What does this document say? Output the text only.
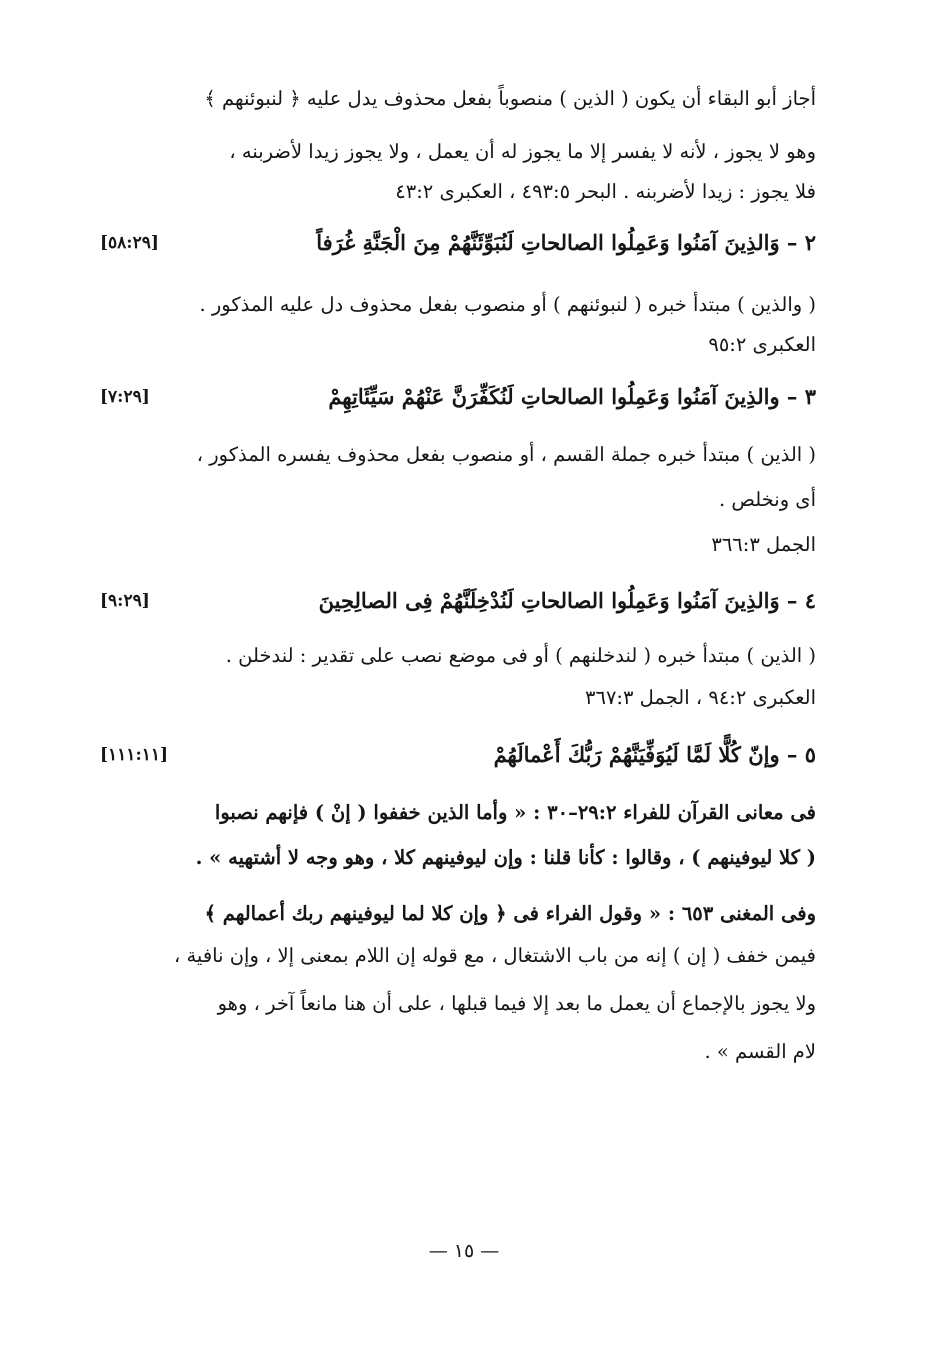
أجاز أبو البقاء أن يكون ( الذين ) منصوباً بفعل محذوف يدل عليه ﴿ لنبوئنهم ﴾
وهو لا يجوز ، لأنه لا يفسر إلا ما يجوز له أن يعمل ، ولا يجوز زيدا لأضربنه ،
فلا يجوز : زيدا لأضربنه . البحر ٤٩٣:٥ ، العكبرى ٤٣:٢
٢ – وَالذِينَ آمَنُوا وَعَمِلُوا الصالحاتِ لَنُبَوِّئَنَّهُمْ مِنَ الْجَنَّةِ غُرَفاً
[٥٨:٢٩]
( والذين ) مبتدأ خبره ( لنبوئنهم ) أو منصوب بفعل محذوف دل عليه المذكور .
العكبرى ٩٥:٢
٣ – والذِينَ آمَنُوا وَعَمِلُوا الصالحاتِ لَنُكَفِّرَنَّ عَنْهُمْ سَيِّئَاتِهِمْ
[٧:٢٩]
( الذين ) مبتدأ خبره جملة القسم ، أو منصوب بفعل محذوف يفسره المذكور ،
أى ونخلص .
الجمل ٣٦٦:٣
٤ – وَالذِينَ آمَنُوا وَعَمِلُوا الصالحاتِ لَنُدْخِلَنَّهُمْ فِى الصالِحِينَ
[٩:٢٩]
( الذين ) مبتدأ خبره ( لندخلنهم ) أو فى موضع نصب على تقدير : لندخلن .
العكبرى ٩٤:٢ ، الجمل ٣٦٧:٣
٥ – وإنّ كُلًّا لَمَّا لَيُوَفِّيَنَّهُمْ رَبُّكَ أَعْمالَهُمْ
[١١١:١١]
فى معانى القرآن للفراء ٢٩:٢–٣٠ : « وأما الذين خففوا ( إنْ ) فإنهم نصبوا
( كلا ليوفينهم ) ، وقالوا : كأنا قلنا : وإن ليوفينهم كلا ، وهو وجه لا أشتهيه » .
وفى المغنى ٦٥٣ : « وقول الفراء فى ﴿ وإن كلا لما ليوفينهم ربك أعمالهم ﴾
فيمن خفف ( إن ) إنه من باب الاشتغال ، مع قوله إن اللام بمعنى إلا ، وإن نافية ،
ولا يجوز بالإجماع أن يعمل ما بعد إلا فيما قبلها ، على أن هنا مانعاً آخر ، وهو
لام القسم » .
— ١٥ —
